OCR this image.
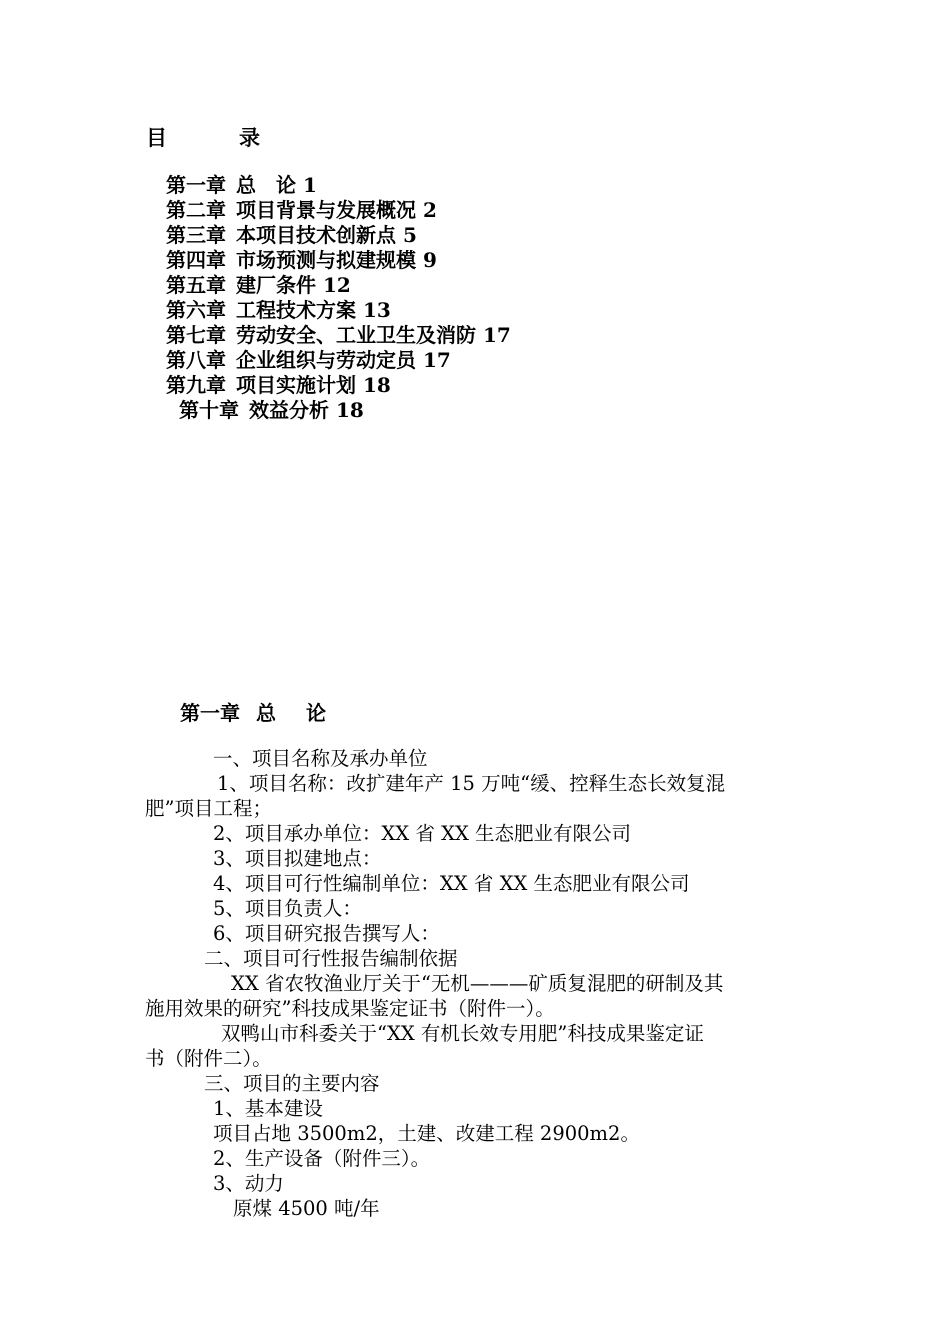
目	录
第一章 总　论 1
第二章 项目背景与发展概况 2
第三章 本项目技术创新点 5
第四章 市场预测与拟建规模 9
第五章 建厂条件 12
第六章 工程技术方案 13
第七章 劳动安全、工业卫生及消防 17
第八章 企业组织与劳动定员 17
第九章 项目实施计划 18
第十章 效益分析 18
第一章 总 论
一、项目名称及承办单位
1、项目名称：改扩建年产 15 万吨“缓、控释生态长效复混
肥”项目工程；
2、项目承办单位：XX 省 XX 生态肥业有限公司
3、项目拟建地点：
4、项目可行性编制单位：XX 省 XX 生态肥业有限公司
5、项目负责人：
6、项目研究报告撰写人：
二、项目可行性报告编制依据
XX 省农牧渔业厅关于“无机———矿质复混肥的研制及其
施用效果的研究”科技成果鉴定证书（附件一）。
双鸭山市科委关于“XX 有机长效专用肥”科技成果鉴定证
书（附件二）。
三、项目的主要内容
1、基本建设
项目占地 3500m2，土建、改建工程 2900m2。
2、生产设备（附件三）。
3、动力
原煤 4500 吨/年
